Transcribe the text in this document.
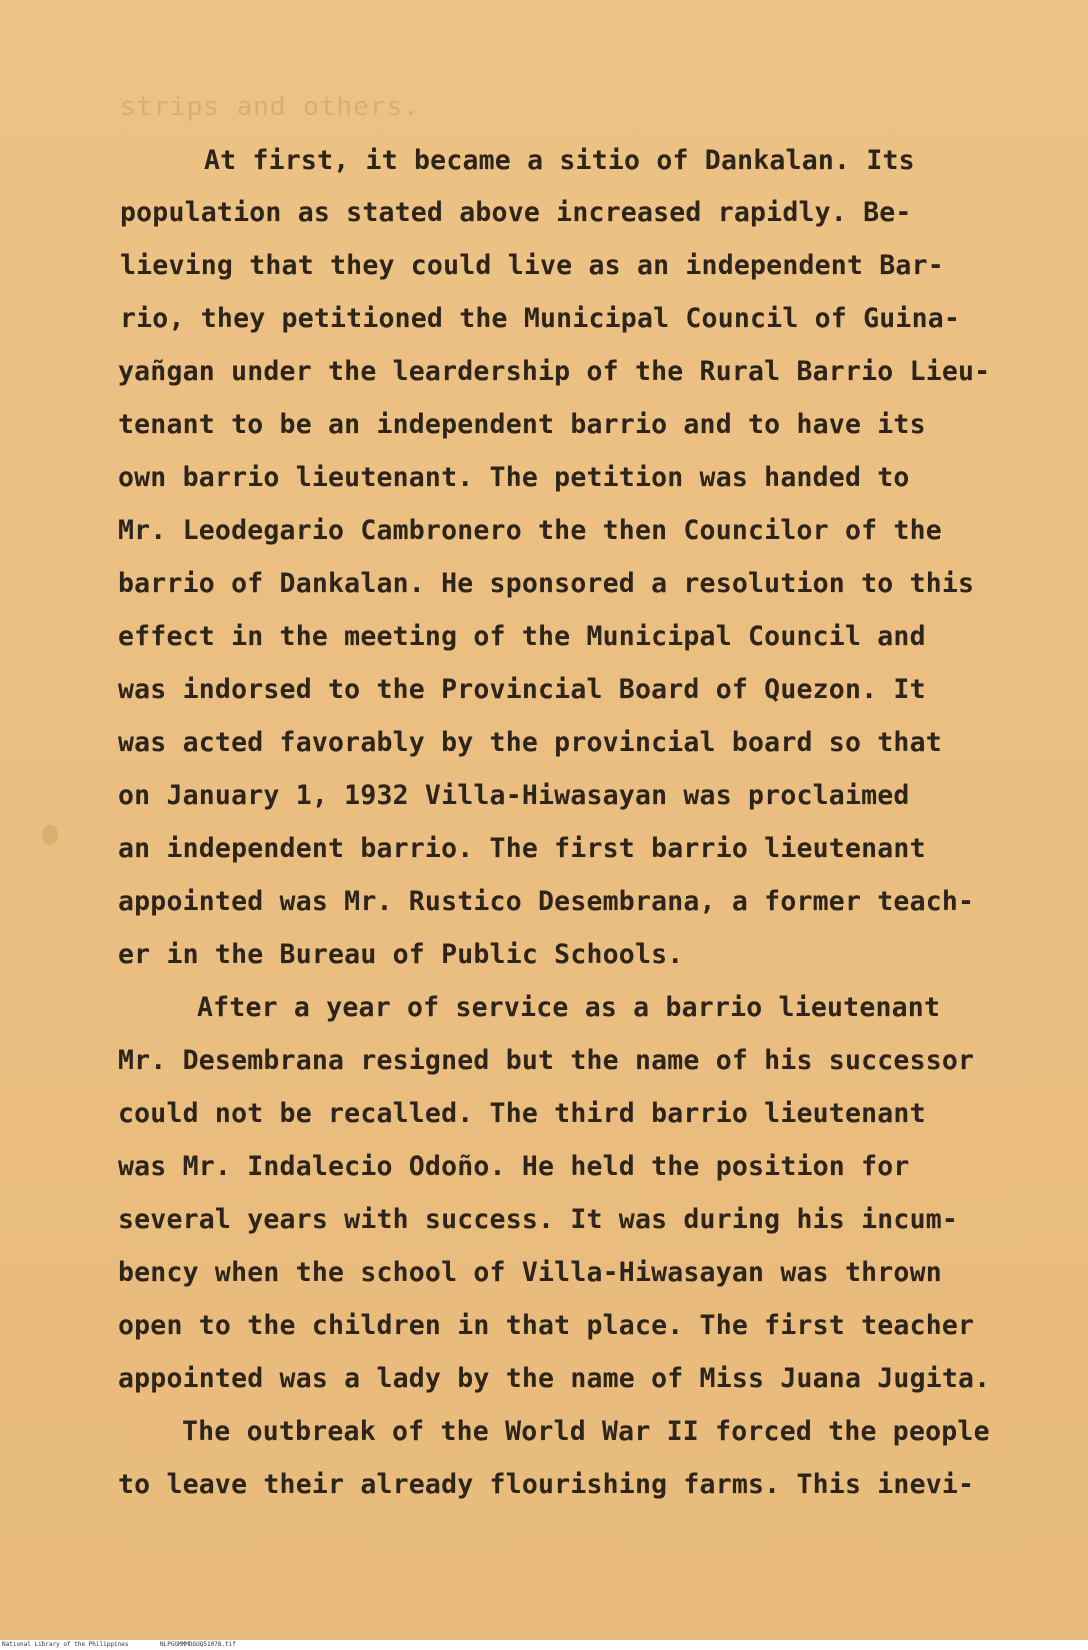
strips and others.
At first, it became a sitio of Dankalan. Its
population as stated above increased rapidly. Be-
lieving that they could live as an independent Bar-
rio, they petitioned the Municipal Council of Guina-
yañgan under the leardership of the Rural Barrio Lieu-
tenant to be an independent barrio and to have its
own barrio lieutenant. The petition was handed to
Mr. Leodegario Cambronero the then Councilor of the
barrio of Dankalan. He sponsored a resolution to this
effect in the meeting of the Municipal Council and
was indorsed to the Provincial Board of Quezon. It
was acted favorably by the provincial board so that
on January 1, 1932 Villa-Hiwasayan was proclaimed
an independent barrio. The first barrio lieutenant
appointed was Mr. Rustico Desembrana, a former teach-
er in the Bureau of Public Schools.
After a year of service as a barrio lieutenant
Mr. Desembrana resigned but the name of his successor
could not be recalled. The third barrio lieutenant
was Mr. Indalecio Odoño. He held the position for
several years with success. It was during his incum-
bency when the school of Villa-Hiwasayan was thrown
open to the children in that place. The first teacher
appointed was a lady by the name of Miss Juana Jugita.
The outbreak of the World War II forced the people
to leave their already flourishing farms. This inevi-
National Library of the Philippines	NLPGGMMMDGUQ51078.tif
